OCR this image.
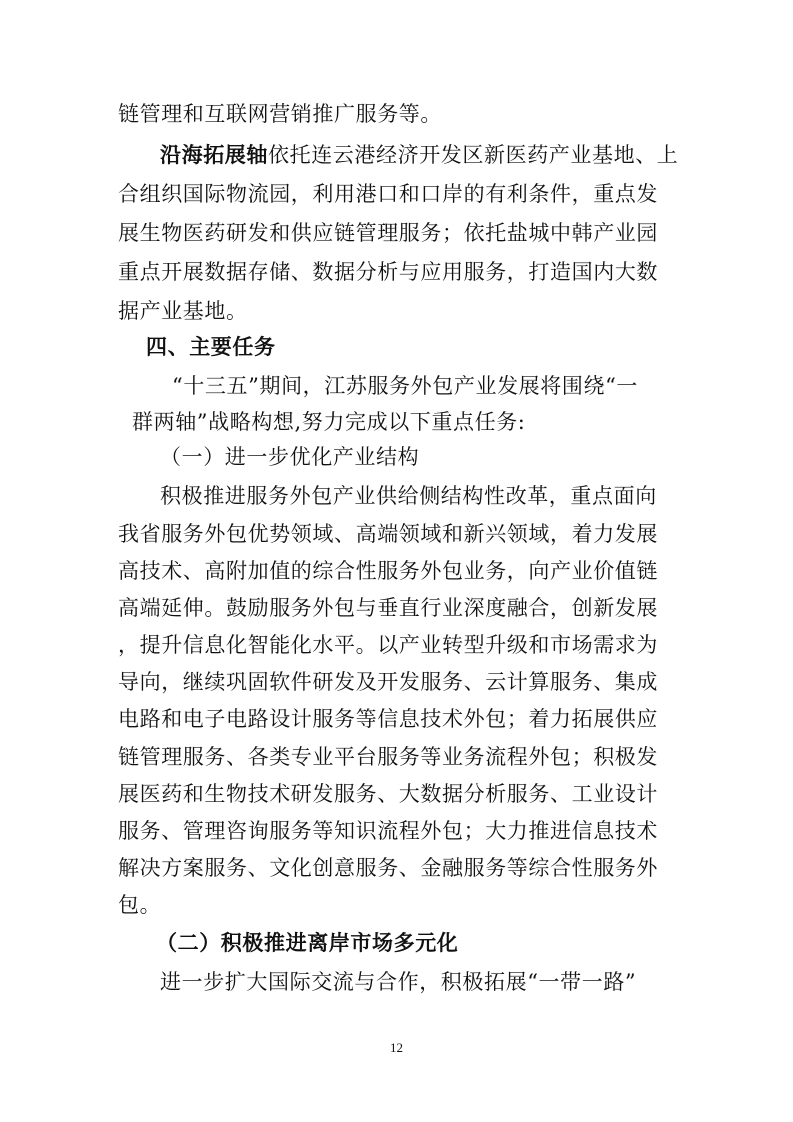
链管理和互联网营销推广服务等。
沿海拓展轴依托连云港经济开发区新医药产业基地、上
合组织国际物流园，利用港口和口岸的有利条件，重点发
展生物医药研发和供应链管理服务；依托盐城中韩产业园
重点开展数据存储、数据分析与应用服务，打造国内大数
据产业基地。
四、主要任务
“十三五”期间，江苏服务外包产业发展将围绕“一
群两轴”战略构想,努力完成以下重点任务:
（一）进一步优化产业结构
积极推进服务外包产业供给侧结构性改革，重点面向
我省服务外包优势领域、高端领域和新兴领域，着力发展
高技术、高附加值的综合性服务外包业务，向产业价值链
高端延伸。鼓励服务外包与垂直行业深度融合，创新发展
，提升信息化智能化水平。以产业转型升级和市场需求为
导向，继续巩固软件研发及开发服务、云计算服务、集成
电路和电子电路设计服务等信息技术外包；着力拓展供应
链管理服务、各类专业平台服务等业务流程外包；积极发
展医药和生物技术研发服务、大数据分析服务、工业设计
服务、管理咨询服务等知识流程外包；大力推进信息技术
解决方案服务、文化创意服务、金融服务等综合性服务外
包。
（二）积极推进离岸市场多元化
进一步扩大国际交流与合作，积极拓展“一带一路”
12
